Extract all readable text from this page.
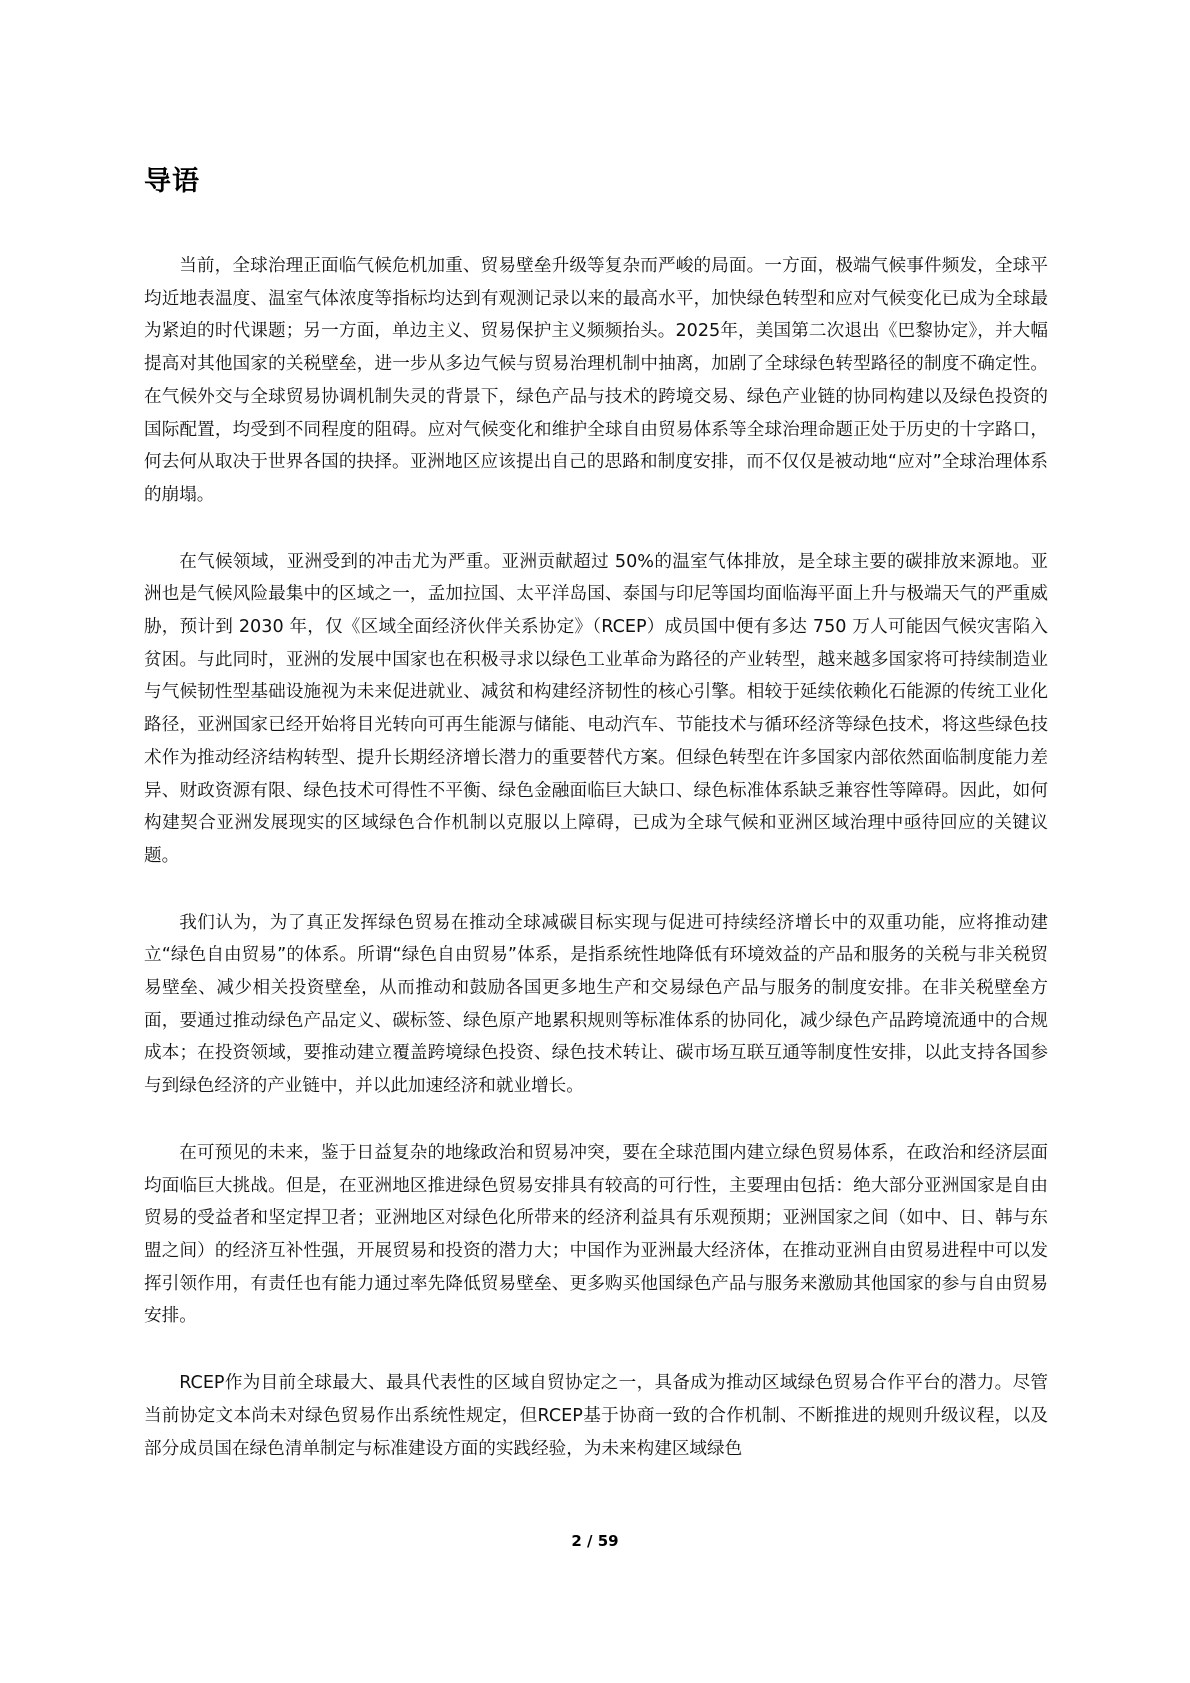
导语

当前，全球治理正面临气候危机加重、贸易壁垒升级等复杂而严峻的局面。一方面，极端气候事件频发，全球平均近地表温度、温室气体浓度等指标均达到有观测记录以来的最高水平，加快绿色转型和应对气候变化已成为全球最为紧迫的时代课题；另一方面，单边主义、贸易保护主义频频抬头。2025年，美国第二次退出《巴黎协定》，并大幅提高对其他国家的关税壁垒，进一步从多边气候与贸易治理机制中抽离，加剧了全球绿色转型路径的制度不确定性。在气候外交与全球贸易协调机制失灵的背景下，绿色产品与技术的跨境交易、绿色产业链的协同构建以及绿色投资的国际配置，均受到不同程度的阻碍。应对气候变化和维护全球自由贸易体系等全球治理命题正处于历史的十字路口，何去何从取决于世界各国的抉择。亚洲地区应该提出自己的思路和制度安排，而不仅仅是被动地“应对”全球治理体系的崩塌。

在气候领域，亚洲受到的冲击尤为严重。亚洲贡献超过 50%的温室气体排放，是全球主要的碳排放来源地。亚洲也是气候风险最集中的区域之一，孟加拉国、太平洋岛国、泰国与印尼等国均面临海平面上升与极端天气的严重威胁，预计到 2030 年，仅《区域全面经济伙伴关系协定》（RCEP）成员国中便有多达 750 万人可能因气候灾害陷入贫困。与此同时，亚洲的发展中国家也在积极寻求以绿色工业革命为路径的产业转型，越来越多国家将可持续制造业与气候韧性型基础设施视为未来促进就业、减贫和构建经济韧性的核心引擎。相较于延续依赖化石能源的传统工业化路径，亚洲国家已经开始将目光转向可再生能源与储能、电动汽车、节能技术与循环经济等绿色技术，将这些绿色技术作为推动经济结构转型、提升长期经济增长潜力的重要替代方案。但绿色转型在许多国家内部依然面临制度能力差异、财政资源有限、绿色技术可得性不平衡、绿色金融面临巨大缺口、绿色标准体系缺乏兼容性等障碍。因此，如何构建契合亚洲发展现实的区域绿色合作机制以克服以上障碍，已成为全球气候和亚洲区域治理中亟待回应的关键议题。

我们认为，为了真正发挥绿色贸易在推动全球减碳目标实现与促进可持续经济增长中的双重功能，应将推动建立“绿色自由贸易”的体系。所谓“绿色自由贸易”体系，是指系统性地降低有环境效益的产品和服务的关税与非关税贸易壁垒、减少相关投资壁垒，从而推动和鼓励各国更多地生产和交易绿色产品与服务的制度安排。在非关税壁垒方面，要通过推动绿色产品定义、碳标签、绿色原产地累积规则等标准体系的协同化，减少绿色产品跨境流通中的合规成本；在投资领域，要推动建立覆盖跨境绿色投资、绿色技术转让、碳市场互联互通等制度性安排，以此支持各国参与到绿色经济的产业链中，并以此加速经济和就业增长。

在可预见的未来，鉴于日益复杂的地缘政治和贸易冲突，要在全球范围内建立绿色贸易体系，在政治和经济层面均面临巨大挑战。但是，在亚洲地区推进绿色贸易安排具有较高的可行性，主要理由包括：绝大部分亚洲国家是自由贸易的受益者和坚定捍卫者；亚洲地区对绿色化所带来的经济利益具有乐观预期；亚洲国家之间（如中、日、韩与东盟之间）的经济互补性强，开展贸易和投资的潜力大；中国作为亚洲最大经济体，在推动亚洲自由贸易进程中可以发挥引领作用，有责任也有能力通过率先降低贸易壁垒、更多购买他国绿色产品与服务来激励其他国家的参与自由贸易安排。

RCEP作为目前全球最大、最具代表性的区域自贸协定之一，具备成为推动区域绿色贸易合作平台的潜力。尽管当前协定文本尚未对绿色贸易作出系统性规定，但RCEP基于协商一致的合作机制、不断推进的规则升级议程，以及部分成员国在绿色清单制定与标准建设方面的实践经验，为未来构建区域绿色

2 / 59
